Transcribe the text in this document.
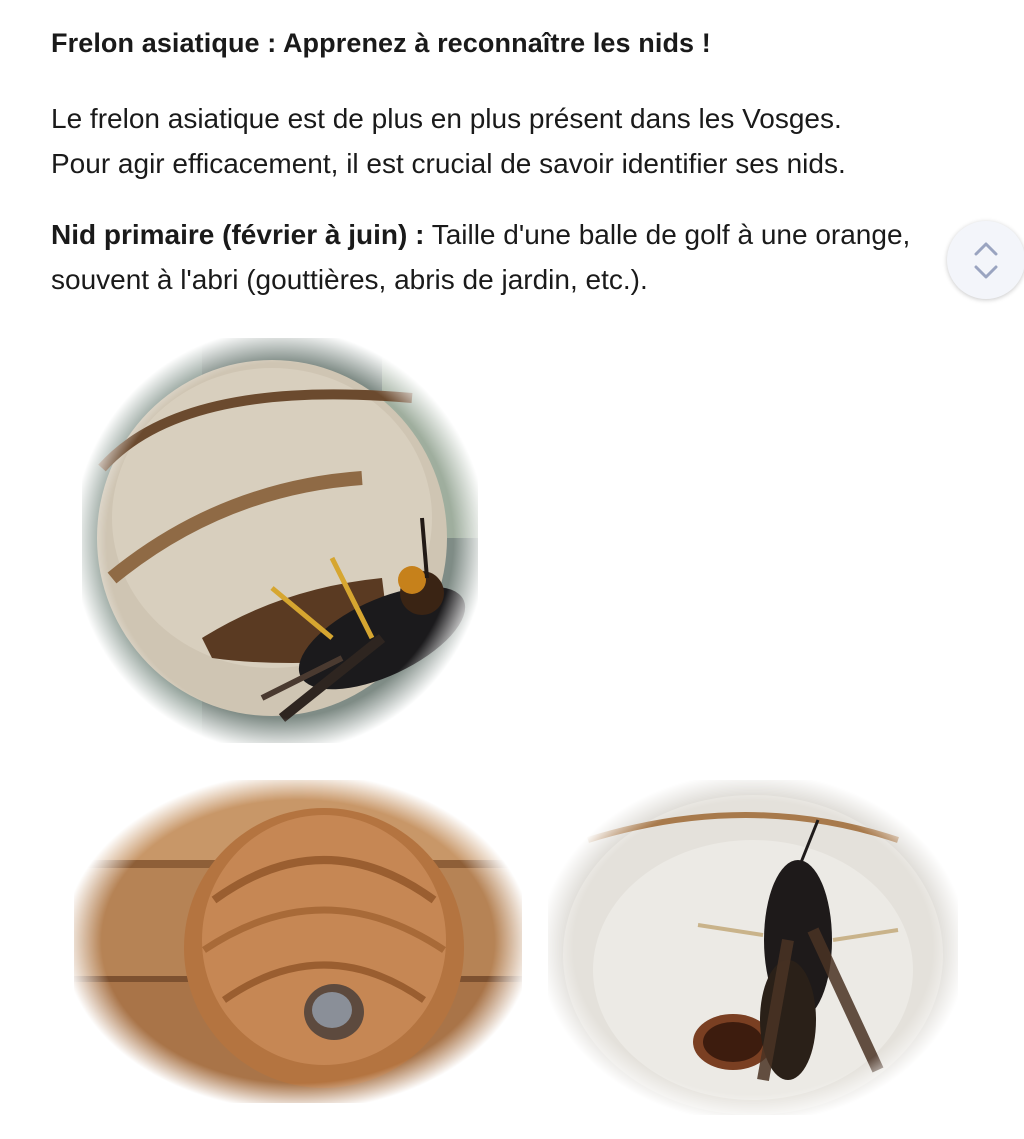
Frelon asiatique : Apprenez à reconnaître les nids !
Le frelon asiatique est de plus en plus présent dans les Vosges.
Pour agir efficacement, il est crucial de savoir identifier ses nids.
Nid primaire (février à juin) : Taille d'une balle de golf à une orange, souvent à l'abri (gouttières, abris de jardin, etc.).
